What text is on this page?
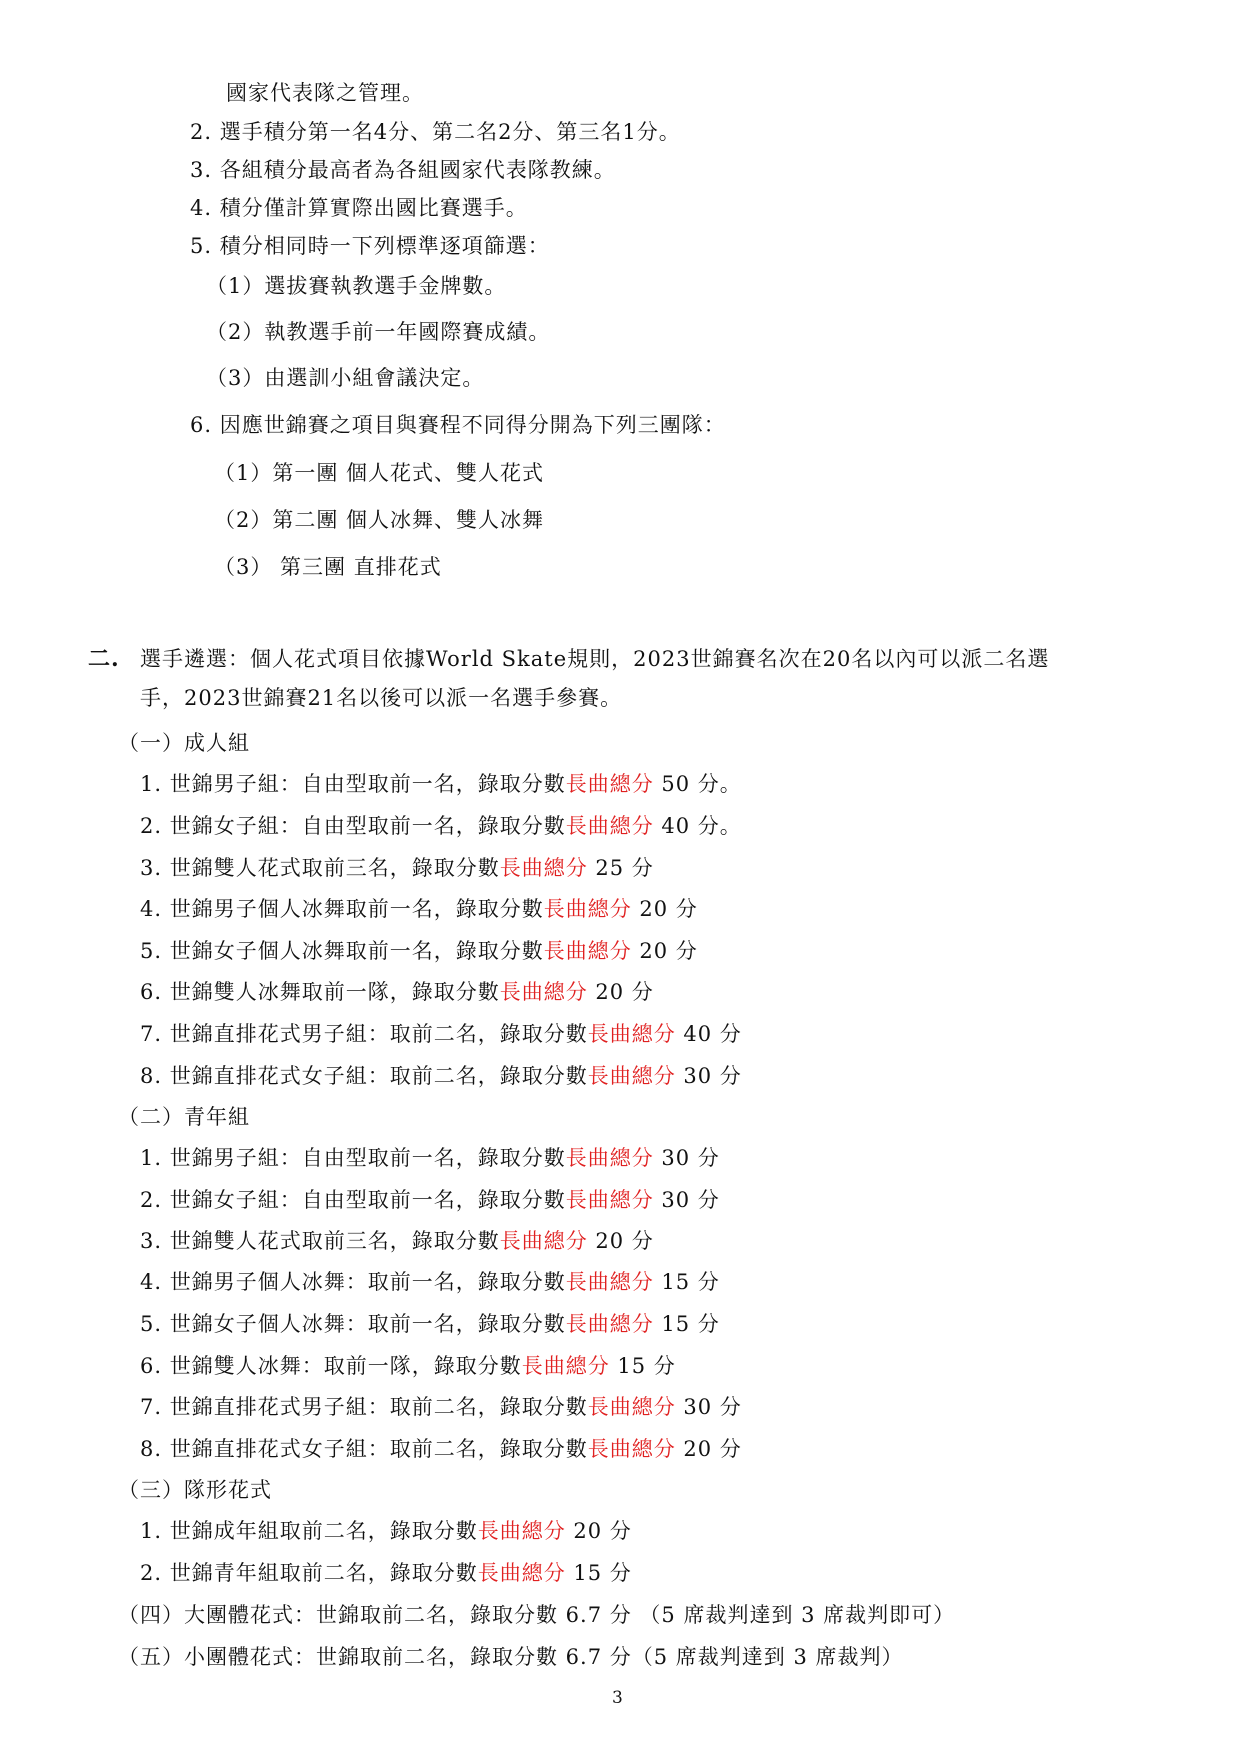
國家代表隊之管理。
2. 選手積分第一名4分、第二名2分、第三名1分。
3. 各組積分最高者為各組國家代表隊教練。
4. 積分僅計算實際出國比賽選手。
5. 積分相同時一下列標準逐項篩選：
（1）選拔賽執教選手金牌數。
（2）執教選手前一年國際賽成績。
（3）由選訓小組會議決定。
6. 因應世錦賽之項目與賽程不同得分開為下列三團隊：
（1）第一團 個人花式、雙人花式
（2）第二團 個人冰舞、雙人冰舞
（3） 第三團 直排花式
二. 選手遴選：個人花式項目依據World Skate規則，2023世錦賽名次在20名以內可以派二名選
手，2023世錦賽21名以後可以派一名選手參賽。
（一）成人組
1. 世錦男子組：自由型取前一名，錄取分數長曲總分 50 分。
2. 世錦女子組：自由型取前一名，錄取分數長曲總分 40 分。
3. 世錦雙人花式取前三名，錄取分數長曲總分 25 分
4. 世錦男子個人冰舞取前一名，錄取分數長曲總分 20 分
5. 世錦女子個人冰舞取前一名，錄取分數長曲總分 20 分
6. 世錦雙人冰舞取前一隊，錄取分數長曲總分 20 分
7. 世錦直排花式男子組：取前二名，錄取分數長曲總分 40 分
8. 世錦直排花式女子組：取前二名，錄取分數長曲總分 30 分
（二）青年組
1. 世錦男子組：自由型取前一名，錄取分數長曲總分 30 分
2. 世錦女子組：自由型取前一名，錄取分數長曲總分 30 分
3. 世錦雙人花式取前三名，錄取分數長曲總分 20 分
4. 世錦男子個人冰舞：取前一名，錄取分數長曲總分 15 分
5. 世錦女子個人冰舞：取前一名，錄取分數長曲總分 15 分
6. 世錦雙人冰舞：取前一隊，錄取分數長曲總分 15 分
7. 世錦直排花式男子組：取前二名，錄取分數長曲總分 30 分
8. 世錦直排花式女子組：取前二名，錄取分數長曲總分 20 分
（三）隊形花式
1. 世錦成年組取前二名，錄取分數長曲總分 20 分
2. 世錦青年組取前二名，錄取分數長曲總分 15 分
（四）大團體花式：世錦取前二名，錄取分數 6.7 分 （5 席裁判達到 3 席裁判即可）
（五）小團體花式：世錦取前二名，錄取分數 6.7 分（5 席裁判達到 3 席裁判）
3
